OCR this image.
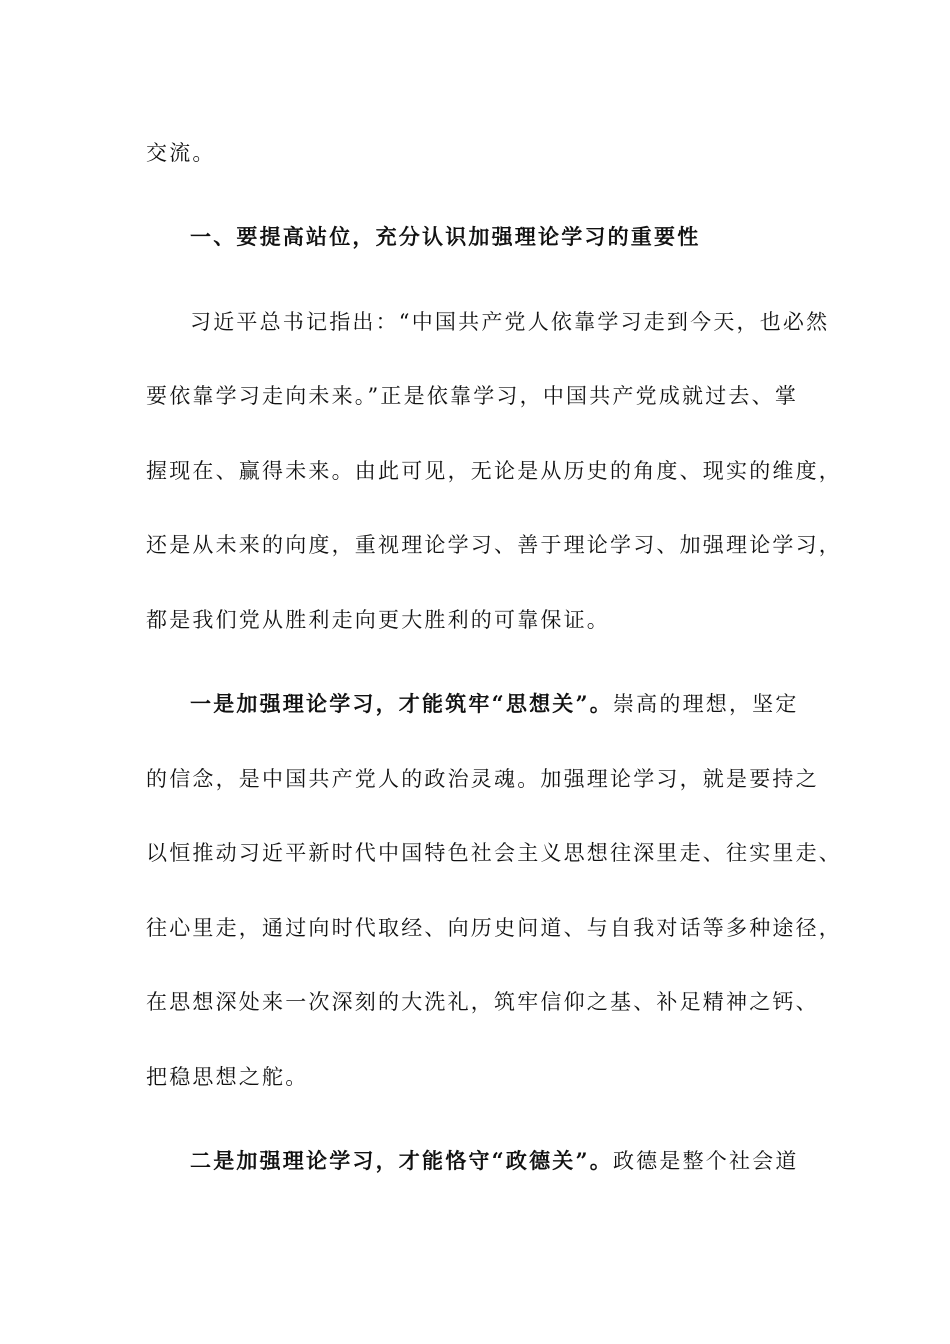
交流。
一、要提高站位，充分认识加强理论学习的重要性
习近平总书记指出：“中国共产党人依靠学习走到今天，也必然
要依靠学习走向未来。”正是依靠学习，中国共产党成就过去、掌
握现在、赢得未来。由此可见，无论是从历史的角度、现实的维度，
还是从未来的向度，重视理论学习、善于理论学习、加强理论学习，
都是我们党从胜利走向更大胜利的可靠保证。
一是加强理论学习，才能筑牢“思想关”。崇高的理想，坚定
的信念，是中国共产党人的政治灵魂。加强理论学习，就是要持之
以恒推动习近平新时代中国特色社会主义思想往深里走、往实里走、
往心里走，通过向时代取经、向历史问道、与自我对话等多种途径，
在思想深处来一次深刻的大洗礼，筑牢信仰之基、补足精神之钙、
把稳思想之舵。
二是加强理论学习，才能恪守“政德关”。政德是整个社会道
